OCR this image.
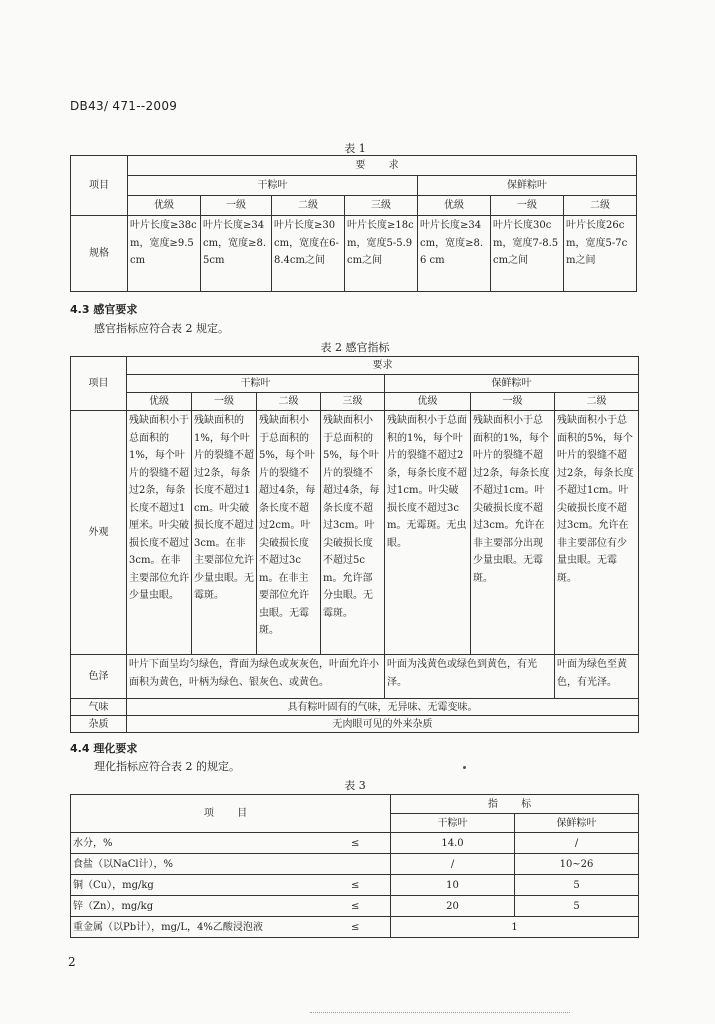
DB43/ 471--2009
表 1
项目	要 求						
	干粽叶				保鲜粽叶		
	优级	一级	二级	三级	优级	一级	二级
规格	叶片长度≥38cm，宽度≥9.5cm	叶片长度≥34cm，宽度≥8.5cm	叶片长度≥30 cm，宽度在6-8.4cm之间	叶片长度≥18cm，宽度5-5.9cm之间	叶片长度≥34 cm，宽度≥8.6 cm	叶片长度30cm，宽度7-8.5cm之间	叶片长度26cm，宽度5-7cm之间
4.3 感官要求
感官指标应符合表 2 规定。
表 2 感官指标
项目	要求						
	干粽叶				保鲜粽叶		
	优级	一级	二级	三级	优级	一级	二级
外观	残缺面积小于总面积的1%，每个叶片的裂缝不超过2条，每条长度不超过1厘米。叶尖破损长度不超过3cm。在非主要部位允许少量虫眼。	残缺面积的1%，每个叶片的裂缝不超过2条，每条长度不超过1cm。叶尖破损长度不超过3cm。在非主要部位允许少量虫眼。无霉斑。	残缺面积小于总面积的5%，每个叶片的裂缝不超过4条，每条长度不超过2cm。叶尖破损长度不超过3cm。在非主要部位允许虫眼。无霉斑。	残缺面积小于总面积的5%，每个叶片的裂缝不超过4条，每条长度不超过3cm。叶尖破损长度不超过5cm。允许部分虫眼。无霉斑。	残缺面积小于总面积的1%，每个叶片的裂缝不超过2条，每条长度不超过1cm。叶尖破损长度不超过3cm。无霉斑。无虫眼。	残缺面积小于总面积的1%，每个叶片的裂缝不超过2条，每条长度不超过1cm。叶尖破损长度不超过3cm。允许在非主要部分出现少量虫眼。无霉斑。	残缺面积小于总面积的5%，每个叶片的裂缝不超过2条，每条长度不超过1cm。叶尖破损长度不超过3cm。允许在非主要部位有少量虫眼。无霉斑。
色泽	叶片下面呈均匀绿色，背面为绿色或灰灰色，叶面允许小面积为黄色，叶柄为绿色、银灰色、或黄色。				叶面为浅黄色或绿色到黄色，有光泽。		叶面为绿色至黄色，有光泽。
气味	具有粽叶固有的气味，无异味、无霉变味。						
杂质	无肉眼可见的外来杂质						
4.4 理化要求
理化指标应符合表 2 的规定。
表 3
项 目		指 标	
		干粽叶	保鲜粽叶
水分，%	≤	14.0	/
食盐（以NaCl计），%		/	10~26
铜（Cu），mg/kg	≤	10	5
锌（Zn），mg/kg	≤	20	5
重金属（以Pb计），mg/L，4%乙酸浸泡液	≤	1	
2
